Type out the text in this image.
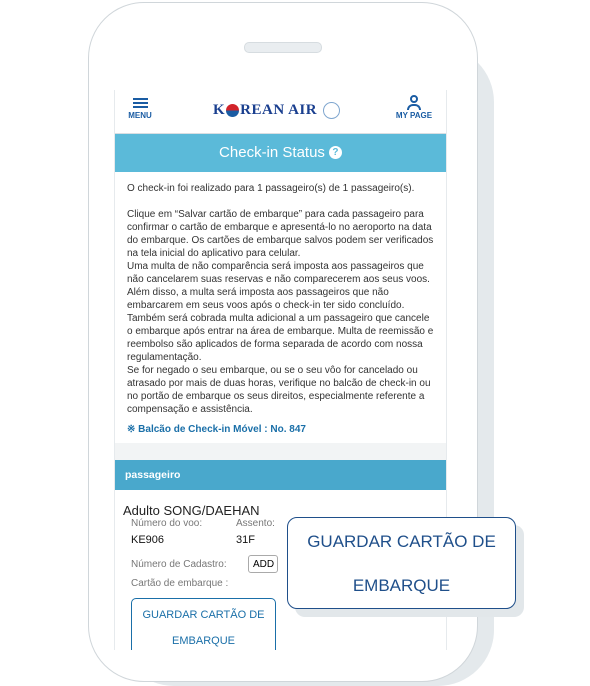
MENU	K REAN AIR	MY PAGE
Check-in Status ?

O check-in foi realizado para 1 passageiro(s) de 1 passageiro(s).

Clique em “Salvar cartão de embarque” para cada passageiro para confirmar o cartão de embarque e apresentá-lo no aeroporto na data do embarque. Os cartões de embarque salvos podem ser verificados na tela inicial do aplicativo para celular.

Uma multa de não comparência será imposta aos passageiros que não cancelarem suas reservas e não comparecerem aos seus voos. Além disso, a multa será imposta aos passageiros que não embarcarem em seus voos após o check-in ter sido concluído.

Também será cobrada multa adicional a um passageiro que cancele o embarque após entrar na área de embarque. Multa de reemissão e reembolso são aplicados de forma separada de acordo com nossa regulamentação.

Se for negado o seu embarque, ou se o seu vôo for cancelado ou atrasado por mais de duas horas, verifique no balcão de check-in ou no portão de embarque os seus direitos, especialmente referente a compensação e assistência.

※ Balcão de Check-in Móvel : No. 847
passageiro
Adulto SONG/DAEHAN
Número do voo:
KE906
Assento:
31F
Número de Cadastro:	ADD
Cartão de embarque :
GUARDAR CARTÃO DE
EMBARQUE
GUARDAR CARTÃO DE
EMBARQUE
